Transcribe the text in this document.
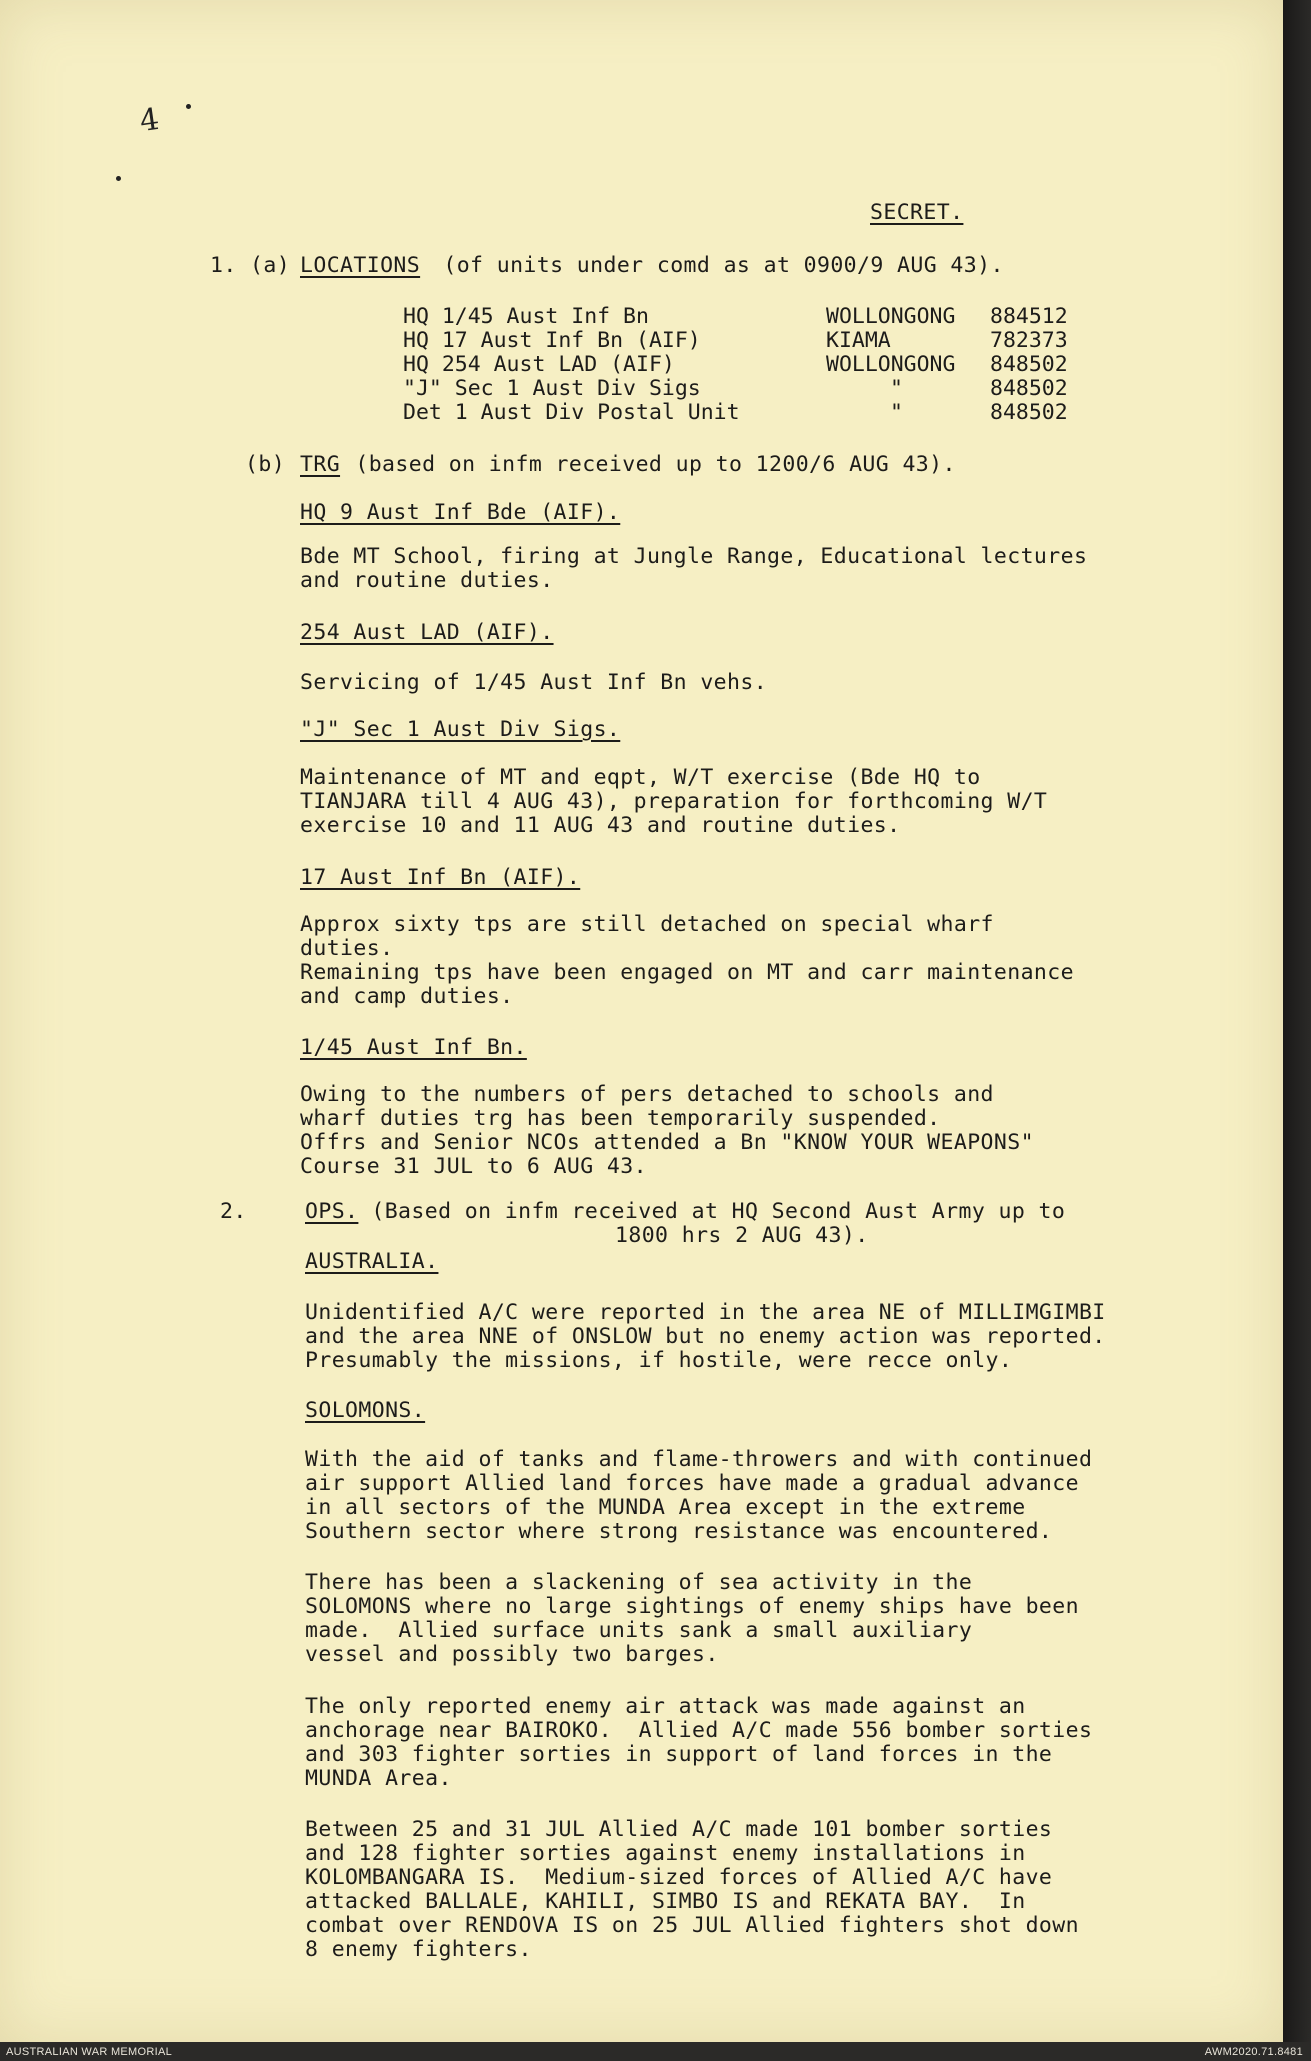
4
SECRET.
1. (a) LOCATIONS (of units under comd as at 0900/9 AUG 43).
HQ 1/45 Aust Inf Bn	WOLLONGONG 884512
HQ 17 Aust Inf Bn (AIF)	KIAMA	782373
HQ 254 Aust LAD (AIF)	WOLLONGONG 848502
"J" Sec 1 Aust Div Sigs	"	848502
Det 1 Aust Div Postal Unit	"	848502
(b) TRG (based on infm received up to 1200/6 AUG 43).
HQ 9 Aust Inf Bde (AIF).
Bde MT School, firing at Jungle Range, Educational lectures
and routine duties.
254 Aust LAD (AIF).
Servicing of 1/45 Aust Inf Bn vehs.
"J" Sec 1 Aust Div Sigs.
Maintenance of MT and eqpt, W/T exercise (Bde HQ to
TIANJARA till 4 AUG 43), preparation for forthcoming W/T
exercise 10 and 11 AUG 43 and routine duties.
17 Aust Inf Bn (AIF).
Approx sixty tps are still detached on special wharf
duties.
Remaining tps have been engaged on MT and carr maintenance
and camp duties.
1/45 Aust Inf Bn.
Owing to the numbers of pers detached to schools and
wharf duties trg has been temporarily suspended.
Offrs and Senior NCOs attended a Bn "KNOW YOUR WEAPONS"
Course 31 JUL to 6 AUG 43.
2.	OPS. (Based on infm received at HQ Second Aust Army up to
1800 hrs 2 AUG 43).
AUSTRALIA.
Unidentified A/C were reported in the area NE of MILLIMGIMBI
and the area NNE of ONSLOW but no enemy action was reported.
Presumably the missions, if hostile, were recce only.
SOLOMONS.
With the aid of tanks and flame-throwers and with continued
air support Allied land forces have made a gradual advance
in all sectors of the MUNDA Area except in the extreme
Southern sector where strong resistance was encountered.
There has been a slackening of sea activity in the
SOLOMONS where no large sightings of enemy ships have been
made.  Allied surface units sank a small auxiliary
vessel and possibly two barges.
The only reported enemy air attack was made against an
anchorage near BAIROKO.  Allied A/C made 556 bomber sorties
and 303 fighter sorties in support of land forces in the
MUNDA Area.
Between 25 and 31 JUL Allied A/C made 101 bomber sorties
and 128 fighter sorties against enemy installations in
KOLOMBANGARA IS.  Medium-sized forces of Allied A/C have
attacked BALLALE, KAHILI, SIMBO IS and REKATA BAY.  In
combat over RENDOVA IS on 25 JUL Allied fighters shot down
8 enemy fighters.
AUSTRALIAN WAR MEMORIAL	AWM2020.71.8481
